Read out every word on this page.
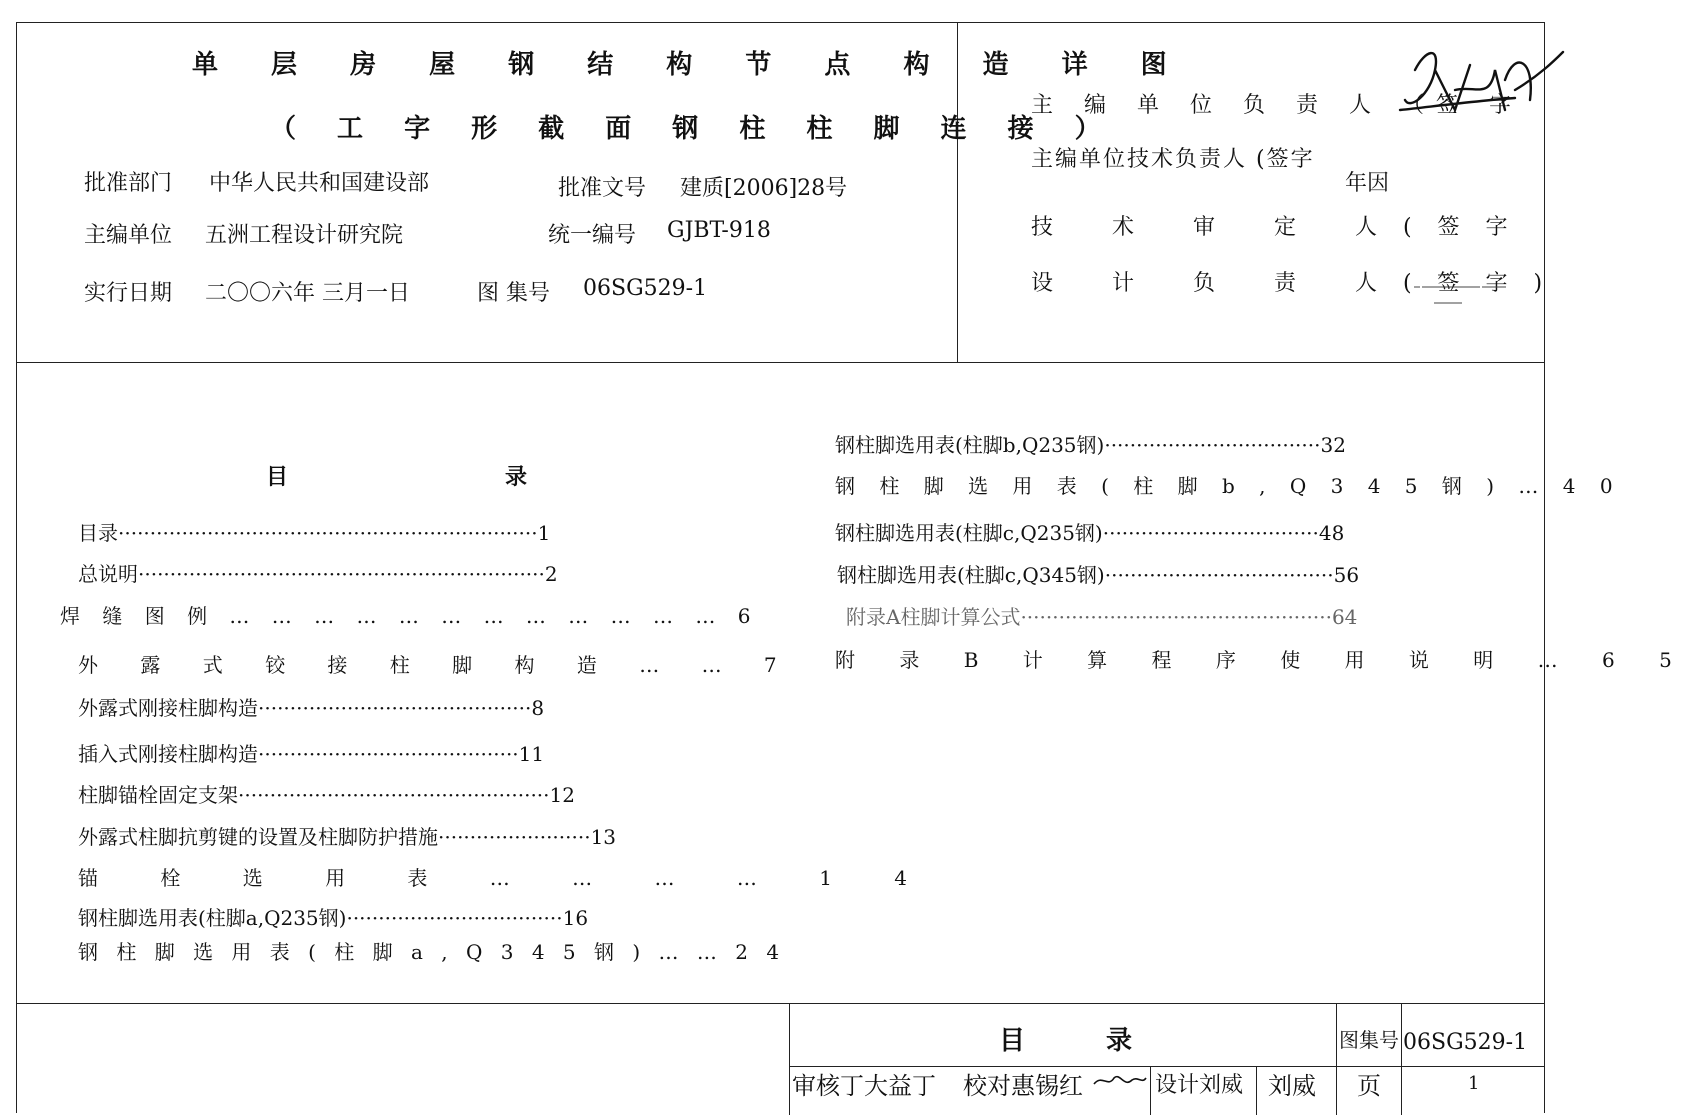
单 层 房 屋 钢 结 构 节 点 构 造 详 图
（ 工 字 形 截 面 钢 柱 柱 脚 连 接 ）
批准部门 中华人民共和国建设部	批准文号 建质[2006]28号
主编单位 五洲工程设计研究院	统一编号 GJBT-918
实行日期 二〇〇六年 三月一日	图 集号 06SG529-1
主 编 单 位 负 责 人 （签 字
主编单位技术负责人 (签字
年因
技 术 审 定 人(签字
设 计 负 责 人(签字)
目	录
目录··································································1
总说明································································2
焊 缝 图 例 … … … … … … … … … … … … 6
外 露 式 铰 接 柱 脚 构 造 … … 7
外露式刚接柱脚构造···········································8
插入式刚接柱脚构造·········································11
柱脚锚栓固定支架·················································12
外露式柱脚抗剪键的设置及柱脚防护措施························13
锚 栓 选 用 表 … … … … 1 4
钢柱脚选用表(柱脚a,Q235钢)··································16
钢 柱 脚 选 用 表 ( 柱 脚 a , Q 3 4 5 钢 ) … … 2 4
钢柱脚选用表(柱脚b,Q235钢)··································32
钢 柱 脚 选 用 表 ( 柱 脚 b , Q 3 4 5 钢 ) … 4 0
钢柱脚选用表(柱脚c,Q235钢)··································48
钢柱脚选用表(柱脚c,Q345钢)····································56
附录A柱脚计算公式·················································64
附 录 B 计 算 程 序 使 用 说 明 … 6 5
目	录	图集号 06SG529-1
审核丁大益丁 校对惠锡红	设计刘威 刘威 页	1
